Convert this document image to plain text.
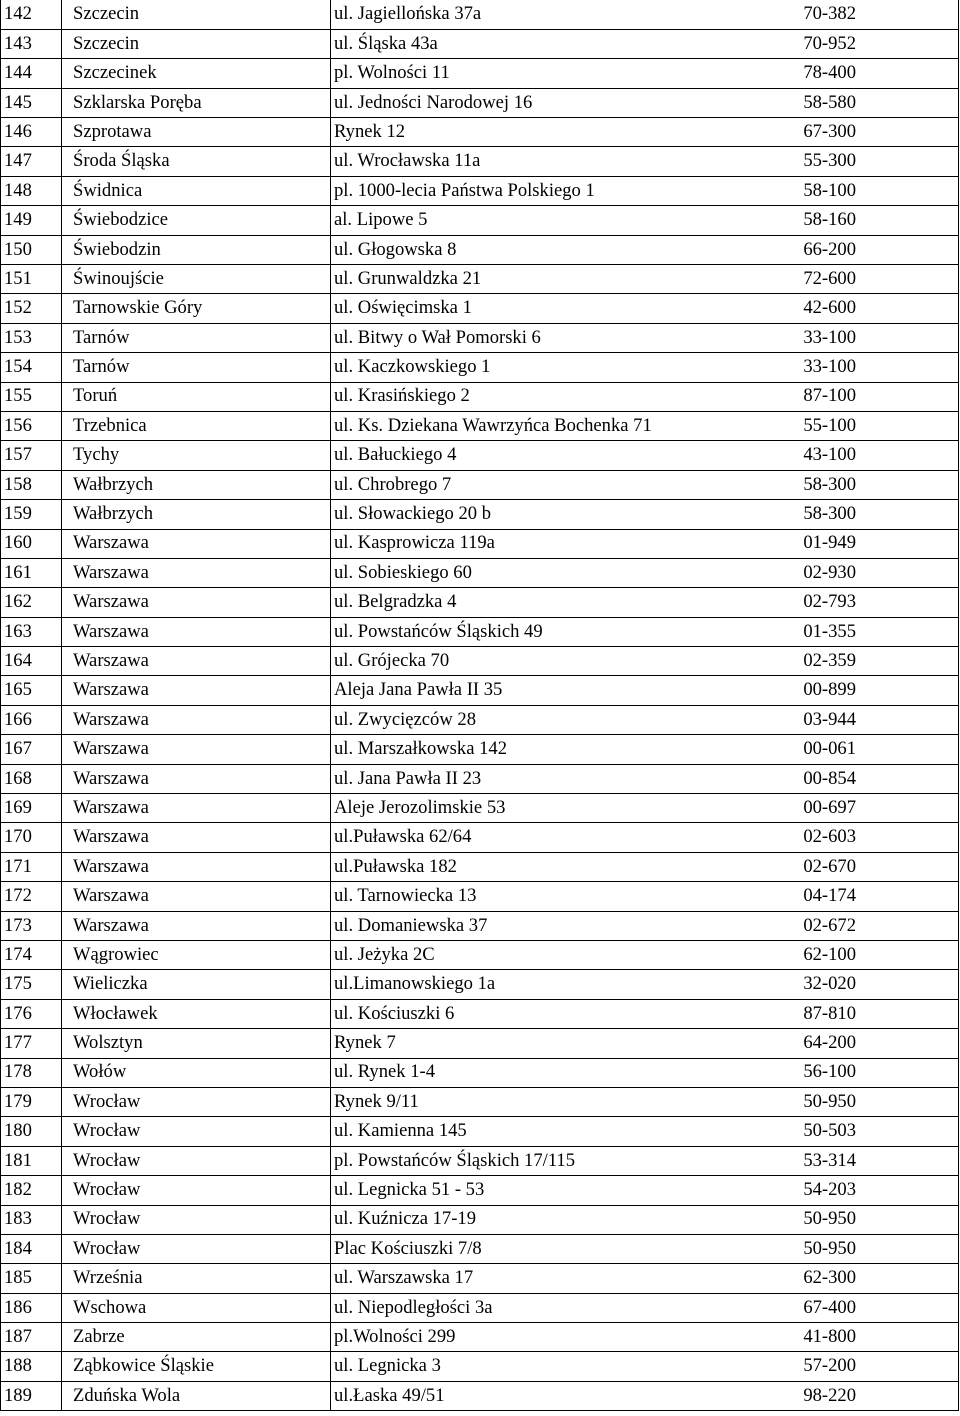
142	Szczecin	ul. Jagiellońska 37a	70-382
143	Szczecin	ul. Śląska 43a	70-952
144	Szczecinek	pl. Wolności 11	78-400
145	Szklarska Poręba	ul. Jedności Narodowej 16	58-580
146	Szprotawa	Rynek 12	67-300
147	Środa Śląska	ul. Wrocławska 11a	55-300
148	Świdnica	pl. 1000-lecia Państwa Polskiego 1	58-100
149	Świebodzice	al. Lipowe 5	58-160
150	Świebodzin	ul. Głogowska 8	66-200
151	Świnoujście	ul. Grunwaldzka 21	72-600
152	Tarnowskie Góry	ul. Oświęcimska 1	42-600
153	Tarnów	ul. Bitwy o Wał Pomorski 6	33-100
154	Tarnów	ul. Kaczkowskiego 1	33-100
155	Toruń	ul. Krasińskiego 2	87-100
156	Trzebnica	ul. Ks. Dziekana Wawrzyńca Bochenka 71	55-100
157	Tychy	ul. Bałuckiego 4	43-100
158	Wałbrzych	ul. Chrobrego 7	58-300
159	Wałbrzych	ul. Słowackiego 20 b	58-300
160	Warszawa	ul. Kasprowicza 119a	01-949
161	Warszawa	ul. Sobieskiego 60	02-930
162	Warszawa	ul. Belgradzka 4	02-793
163	Warszawa	ul. Powstańców Śląskich 49	01-355
164	Warszawa	ul. Grójecka 70	02-359
165	Warszawa	Aleja Jana Pawła II 35	00-899
166	Warszawa	ul. Zwycięzców 28	03-944
167	Warszawa	ul. Marszałkowska 142	00-061
168	Warszawa	ul. Jana Pawła II 23	00-854
169	Warszawa	Aleje Jerozolimskie 53	00-697
170	Warszawa	ul.Puławska 62/64	02-603
171	Warszawa	ul.Puławska 182	02-670
172	Warszawa	ul. Tarnowiecka 13	04-174
173	Warszawa	ul. Domaniewska 37	02-672
174	Wągrowiec	ul. Jeżyka 2C	62-100
175	Wieliczka	ul.Limanowskiego 1a	32-020
176	Włocławek	ul. Kościuszki 6	87-810
177	Wolsztyn	Rynek 7	64-200
178	Wołów	ul. Rynek 1-4	56-100
179	Wrocław	Rynek 9/11	50-950
180	Wrocław	ul. Kamienna 145	50-503
181	Wrocław	pl. Powstańców Śląskich 17/115	53-314
182	Wrocław	ul. Legnicka 51 - 53	54-203
183	Wrocław	ul. Kuźnicza 17-19	50-950
184	Wrocław	Plac Kościuszki 7/8	50-950
185	Września	ul. Warszawska 17	62-300
186	Wschowa	ul. Niepodległości 3a	67-400
187	Zabrze	pl.Wolności 299	41-800
188	Ząbkowice Śląskie	ul. Legnicka 3	57-200
189	Zduńska Wola	ul.Łaska 49/51	98-220
